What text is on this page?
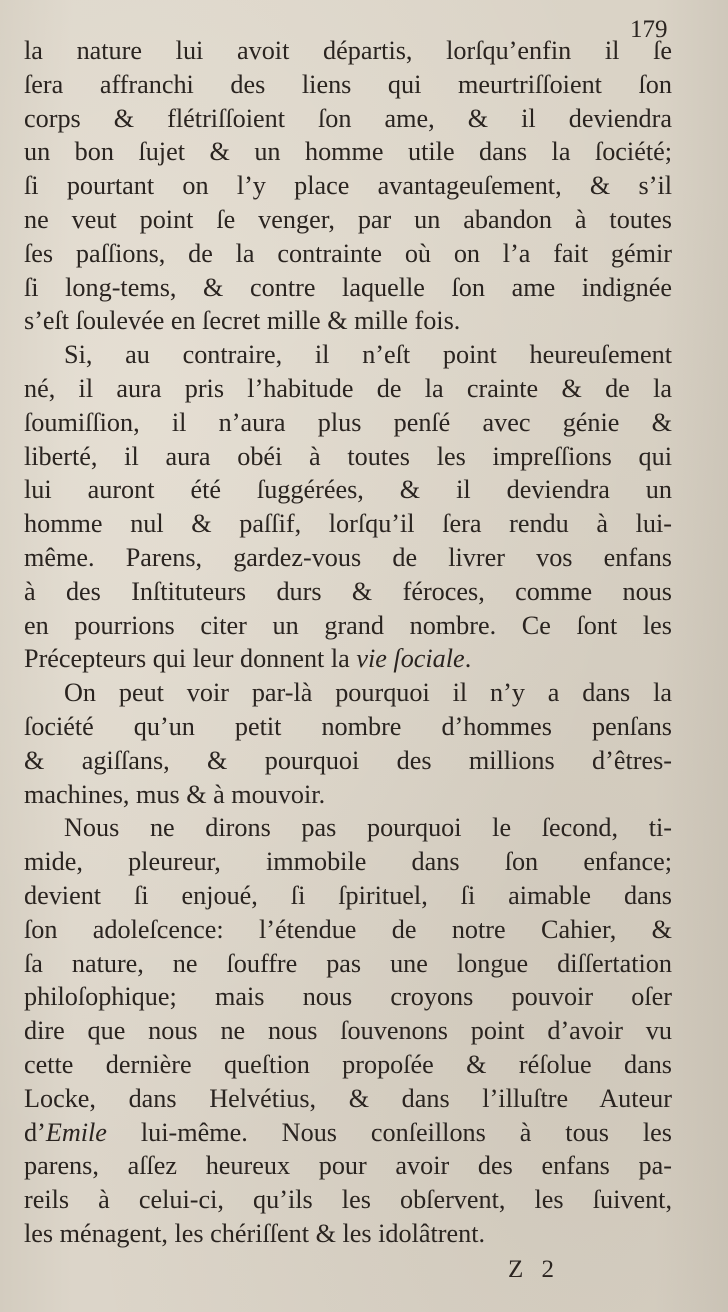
179
la nature lui avoit départis, lorſqu’enfin il ſe
ſera affranchi des liens qui meurtriſſoient ſon
corps & flétriſſoient ſon ame, & il deviendra
un bon ſujet & un homme utile dans la ſociété;
ſi pourtant on l’y place avantageuſement, & s’il
ne veut point ſe venger, par un abandon à toutes
ſes paſſions, de la contrainte où on l’a fait gémir
ſi long-tems, & contre laquelle ſon ame indignée
s’eſt ſoulevée en ſecret mille & mille fois.
Si, au contraire, il n’eſt point heureuſement
né, il aura pris l’habitude de la crainte & de la
ſoumiſſion, il n’aura plus penſé avec génie &
liberté, il aura obéi à toutes les impreſſions qui
lui auront été ſuggérées, & il deviendra un
homme nul & paſſif, lorſqu’il ſera rendu à lui-
même. Parens, gardez-vous de livrer vos enfans
à des Inſtituteurs durs & féroces, comme nous
en pourrions citer un grand nombre. Ce ſont les
Précepteurs qui leur donnent la vie ſociale.
On peut voir par-là pourquoi il n’y a dans la
ſociété qu’un petit nombre d’hommes penſans
& agiſſans, & pourquoi des millions d’êtres-
machines, mus & à mouvoir.
Nous ne dirons pas pourquoi le ſecond, ti-
mide, pleureur, immobile dans ſon enfance;
devient ſi enjoué, ſi ſpirituel, ſi aimable dans
ſon adoleſcence: l’étendue de notre Cahier, &
ſa nature, ne ſouffre pas une longue diſſertation
philoſophique; mais nous croyons pouvoir oſer
dire que nous ne nous ſouvenons point d’avoir vu
cette dernière queſtion propoſée & réſolue dans
Locke, dans Helvétius, & dans l’illuſtre Auteur
d’Emile lui-même. Nous conſeillons à tous les
parens, aſſez heureux pour avoir des enfans pa-
reils à celui-ci, qu’ils les obſervent, les ſuivent,
les ménagent, les chériſſent & les idolâtrent.
Z 2
